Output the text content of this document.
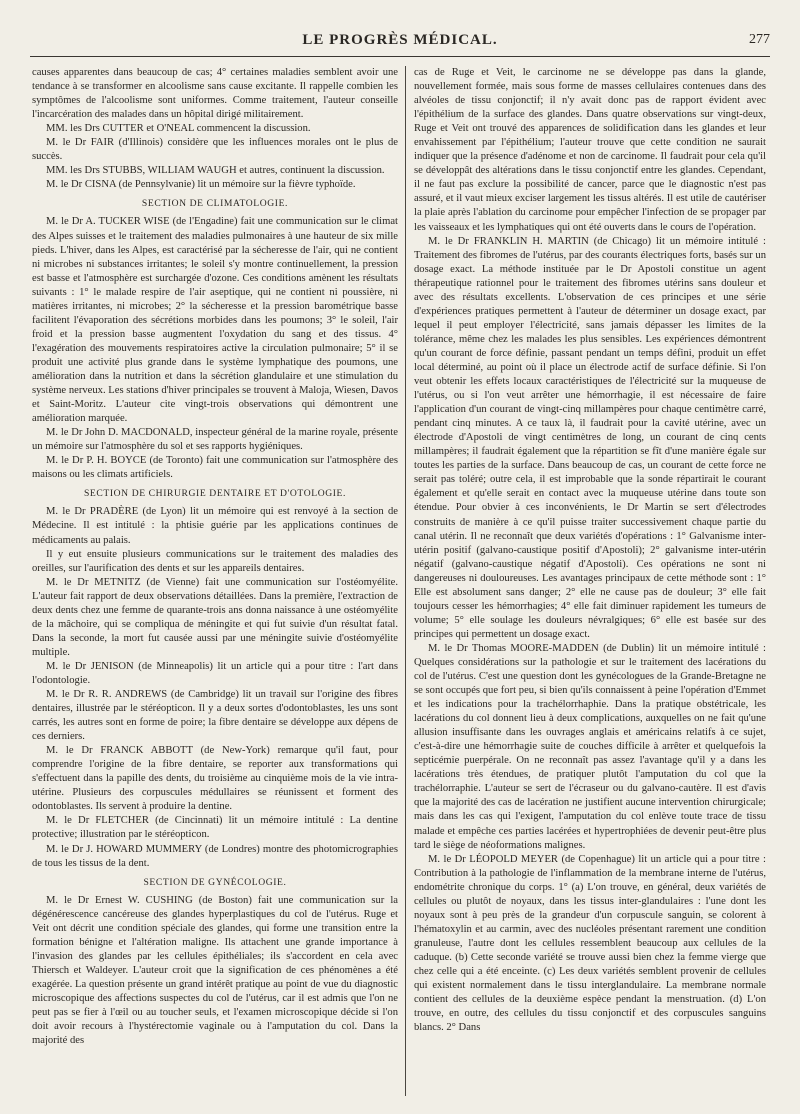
LE PROGRÈS MÉDICAL.	277

causes apparentes dans beaucoup de cas; 4° certaines maladies semblent avoir une tendance à se transformer en alcoolisme sans cause excitante. Il rappelle combien les symptômes de l'alcoolisme sont uniformes. Comme traitement, l'auteur conseille l'incarcération des malades dans un hôpital dirigé militairement.

MM. les Drs CUTTER et O'NEAL commencent la discussion.

M. le Dr FAIR (d'Illinois) considère que les influences morales ont le plus de succès.

MM. les Drs STUBBS, WILLIAM WAUGH et autres, continuent la discussion.

M. le Dr CISNA (de Pennsylvanie) lit un mémoire sur la fièvre typhoïde.

SECTION DE CLIMATOLOGIE.

M. le Dr A. TUCKER WISE (de l'Engadine) fait une communication sur le climat des Alpes suisses et le traitement des maladies pulmonaires à une hauteur de six mille pieds. L'hiver, dans les Alpes, est caractérisé par la sécheresse de l'air, qui ne contient ni microbes ni substances irritantes; le soleil s'y montre continuellement, la pression est basse et l'atmosphère est surchargée d'ozone. Ces conditions amènent les résultats suivants : 1° le malade respire de l'air aseptique, qui ne contient ni poussière, ni matières irritantes, ni microbes; 2° la sécheresse et la pression barométrique basse facilitent l'évaporation des sécrétions morbides dans les poumons; 3° le soleil, l'air froid et la pression basse augmentent l'oxydation du sang et des tissus. 4° l'exagération des mouvements respiratoires active la circulation pulmonaire; 5° il se produit une activité plus grande dans le système lymphatique des poumons, une amélioration dans la nutrition et dans la sécrétion glandulaire et une stimulation du système nerveux. Les stations d'hiver principales se trouvent à Maloja, Wiesen, Davos et Saint-Moritz. L'auteur cite vingt-trois observations qui démontrent une amélioration marquée.

M. le Dr John D. MACDONALD, inspecteur général de la marine royale, présente un mémoire sur l'atmosphère du sol et ses rapports hygiéniques.

M. le Dr P. H. BOYCE (de Toronto) fait une communication sur l'atmosphère des maisons ou les climats artificiels.

SECTION DE CHIRURGIE DENTAIRE ET D'OTOLOGIE.

M. le Dr PRADÈRE (de Lyon) lit un mémoire qui est renvoyé à la section de Médecine. Il est intitulé : la phtisie guérie par les applications continues de médicaments au palais.

Il y eut ensuite plusieurs communications sur le traitement des maladies des oreilles, sur l'aurification des dents et sur les appareils dentaires.

M. le Dr METNITZ (de Vienne) fait une communication sur l'ostéomyélite. L'auteur fait rapport de deux observations détaillées. Dans la première, l'extraction de deux dents chez une femme de quarante-trois ans donna naissance à une ostéomyélite de la mâchoire, qui se compliqua de méningite et qui fut suivie d'un résultat fatal. Dans la seconde, la mort fut causée aussi par une méningite suivie d'ostéomyélite multiple.

M. le Dr JENISON (de Minneapolis) lit un article qui a pour titre : l'art dans l'odontologie.

M. le Dr R. R. ANDREWS (de Cambridge) lit un travail sur l'origine des fibres dentaires, illustrée par le stéréopticon. Il y a deux sortes d'odontoblastes, les uns sont carrés, les autres sont en forme de poire; la fibre dentaire se développe aux dépens de ces derniers.

M. le Dr FRANCK ABBOTT (de New-York) remarque qu'il faut, pour comprendre l'origine de la fibre dentaire, se reporter aux transformations qui s'effectuent dans la papille des dents, du troisième au cinquième mois de la vie intra-utérine. Plusieurs des corpuscules médullaires se réunissent et forment des odontoblastes. Ils servent à produire la dentine.

M. le Dr FLETCHER (de Cincinnati) lit un mémoire intitulé : La dentine protective; illustration par le stéréopticon.

M. le Dr J. HOWARD MUMMERY (de Londres) montre des photomicrographies de tous les tissus de la dent.

SECTION DE GYNÉCOLOGIE.

M. le Dr Ernest W. CUSHING (de Boston) fait une communication sur la dégénérescence cancéreuse des glandes hyperplastiques du col de l'utérus. Ruge et Veit ont décrit une condition spéciale des glandes, qui forme une transition entre la formation bénigne et l'altération maligne. Ils attachent une grande importance à l'invasion des glandes par les cellules épithéliales; ils s'accordent en cela avec Thiersch et Waldeyer. L'auteur croit que la signification de ces phénomènes a été exagérée. La question présente un grand intérêt pratique au point de vue du diagnostic microscopique des affections suspectes du col de l'utérus, car il est admis que l'on ne peut pas se fier à l'œil ou au toucher seuls, et l'examen microscopique décide si l'on doit avoir recours à l'hystérectomie vaginale ou à l'amputation du col. Dans la majorité des

cas de Ruge et Veit, le carcinome ne se développe pas dans la glande, nouvellement formée, mais sous forme de masses cellulaires contenues dans des alvéoles de tissu conjonctif; il n'y avait donc pas de rapport évident avec l'épithélium de la surface des glandes. Dans quatre observations sur vingt-deux, Ruge et Veit ont trouvé des apparences de solidification dans les glandes et leur envahissement par l'épithélium; l'auteur trouve que cette condition ne saurait indiquer que la présence d'adénome et non de carcinome. Il faudrait pour cela qu'il se développât des altérations dans le tissu conjonctif entre les glandes. Cependant, il ne faut pas exclure la possibilité de cancer, parce que le diagnostic n'est pas assuré, et il vaut mieux exciser largement les tissus altérés. Il est utile de cautériser la plaie après l'ablation du carcinome pour empêcher l'infection de se propager par les vaisseaux et les lymphatiques qui ont été ouverts dans le cours de l'opération.

M. le Dr FRANKLIN H. MARTIN (de Chicago) lit un mémoire intitulé : Traitement des fibromes de l'utérus, par des courants électriques forts, basés sur un dosage exact. La méthode instituée par le Dr Apostoli constitue un agent thérapeutique rationnel pour le traitement des fibromes utérins sans douleur et avec des résultats excellents. L'observation de ces principes et une série d'expériences pratiques permettent à l'auteur de déterminer un dosage exact, par lequel il peut employer l'électricité, sans jamais dépasser les limites de la tolérance, même chez les malades les plus sensibles. Les expériences démontrent qu'un courant de force définie, passant pendant un temps défini, produit un effet local déterminé, au point où il place un électrode actif de surface définie. Si l'on veut obtenir les effets locaux caractéristiques de l'électricité sur la muqueuse de l'utérus, ou si l'on veut arrêter une hémorrhagie, il est nécessaire de faire l'application d'un courant de vingt-cinq millampères pour chaque centimètre carré, pendant cinq minutes. A ce taux là, il faudrait pour la cavité utérine, avec un électrode d'Apostoli de vingt centimètres de long, un courant de cinq cents millampères; il faudrait également que la répartition se fît d'une manière égale sur toutes les parties de la surface. Dans beaucoup de cas, un courant de cette force ne serait pas toléré; outre cela, il est improbable que la sonde répartirait le courant également et qu'elle serait en contact avec la muqueuse utérine dans toute son étendue. Pour obvier à ces inconvénients, le Dr Martin se sert d'électrodes construits de manière à ce qu'il puisse traiter successivement chaque partie du canal utérin. Il ne reconnaît que deux variétés d'opérations : 1° Galvanisme inter-utérin positif (galvano-caustique positif d'Apostoli); 2° galvanisme inter-utérin négatif (galvano-caustique négatif d'Apostoli). Ces opérations ne sont ni dangereuses ni douloureuses. Les avantages principaux de cette méthode sont : 1° Elle est absolument sans danger; 2° elle ne cause pas de douleur; 3° elle fait toujours cesser les hémorrhagies; 4° elle fait diminuer rapidement les tumeurs de volume; 5° elle soulage les douleurs névralgiques; 6° elle est basée sur des principes qui permettent un dosage exact.

M. le Dr Thomas MOORE-MADDEN (de Dublin) lit un mémoire intitulé : Quelques considérations sur la pathologie et sur le traitement des lacérations du col de l'utérus. C'est une question dont les gynécologues de la Grande-Bretagne ne se sont occupés que fort peu, si bien qu'ils connaissent à peine l'opération d'Emmet et les indications pour la trachélorrhaphie. Dans la pratique obstétricale, les lacérations du col donnent lieu à deux complications, auxquelles on ne fait qu'une allusion insuffisante dans les ouvrages anglais et américains relatifs à ce sujet, c'est-à-dire une hémorrhagie suite de couches difficile à arrêter et quelquefois la septicémie puerpérale. On ne reconnaît pas assez l'avantage qu'il y a dans les lacérations très étendues, de pratiquer plutôt l'amputation du col que la trachélorraphie. L'auteur se sert de l'écraseur ou du galvano-cautère. Il est d'avis que la majorité des cas de lacération ne justifient aucune intervention chirurgicale; mais dans les cas qui l'exigent, l'amputation du col enlève toute trace de tissu malade et empêche ces parties lacérées et hypertrophiées de devenir peut-être plus tard le siège de néoformations malignes.

M. le Dr LÉOPOLD MEYER (de Copenhague) lit un article qui a pour titre : Contribution à la pathologie de l'inflammation de la membrane interne de l'utérus, endométrite chronique du corps. 1° (a) L'on trouve, en général, deux variétés de cellules ou plutôt de noyaux, dans les tissus inter-glandulaires : l'une dont les noyaux sont à peu près de la grandeur d'un corpuscule sanguin, se colorent à l'hématoxylin et au carmin, avec des nucléoles présentant rarement une condition granuleuse, l'autre dont les cellules ressemblent beaucoup aux cellules de la caduque. (b) Cette seconde variété se trouve aussi bien chez la femme vierge que chez celle qui a été enceinte. (c) Les deux variétés semblent provenir de cellules qui existent normalement dans le tissu interglandulaire. La membrane normale contient des cellules de la deuxième espèce pendant la menstruation. (d) L'on trouve, en outre, des cellules du tissu conjonctif et des corpuscules sanguins blancs. 2° Dans
